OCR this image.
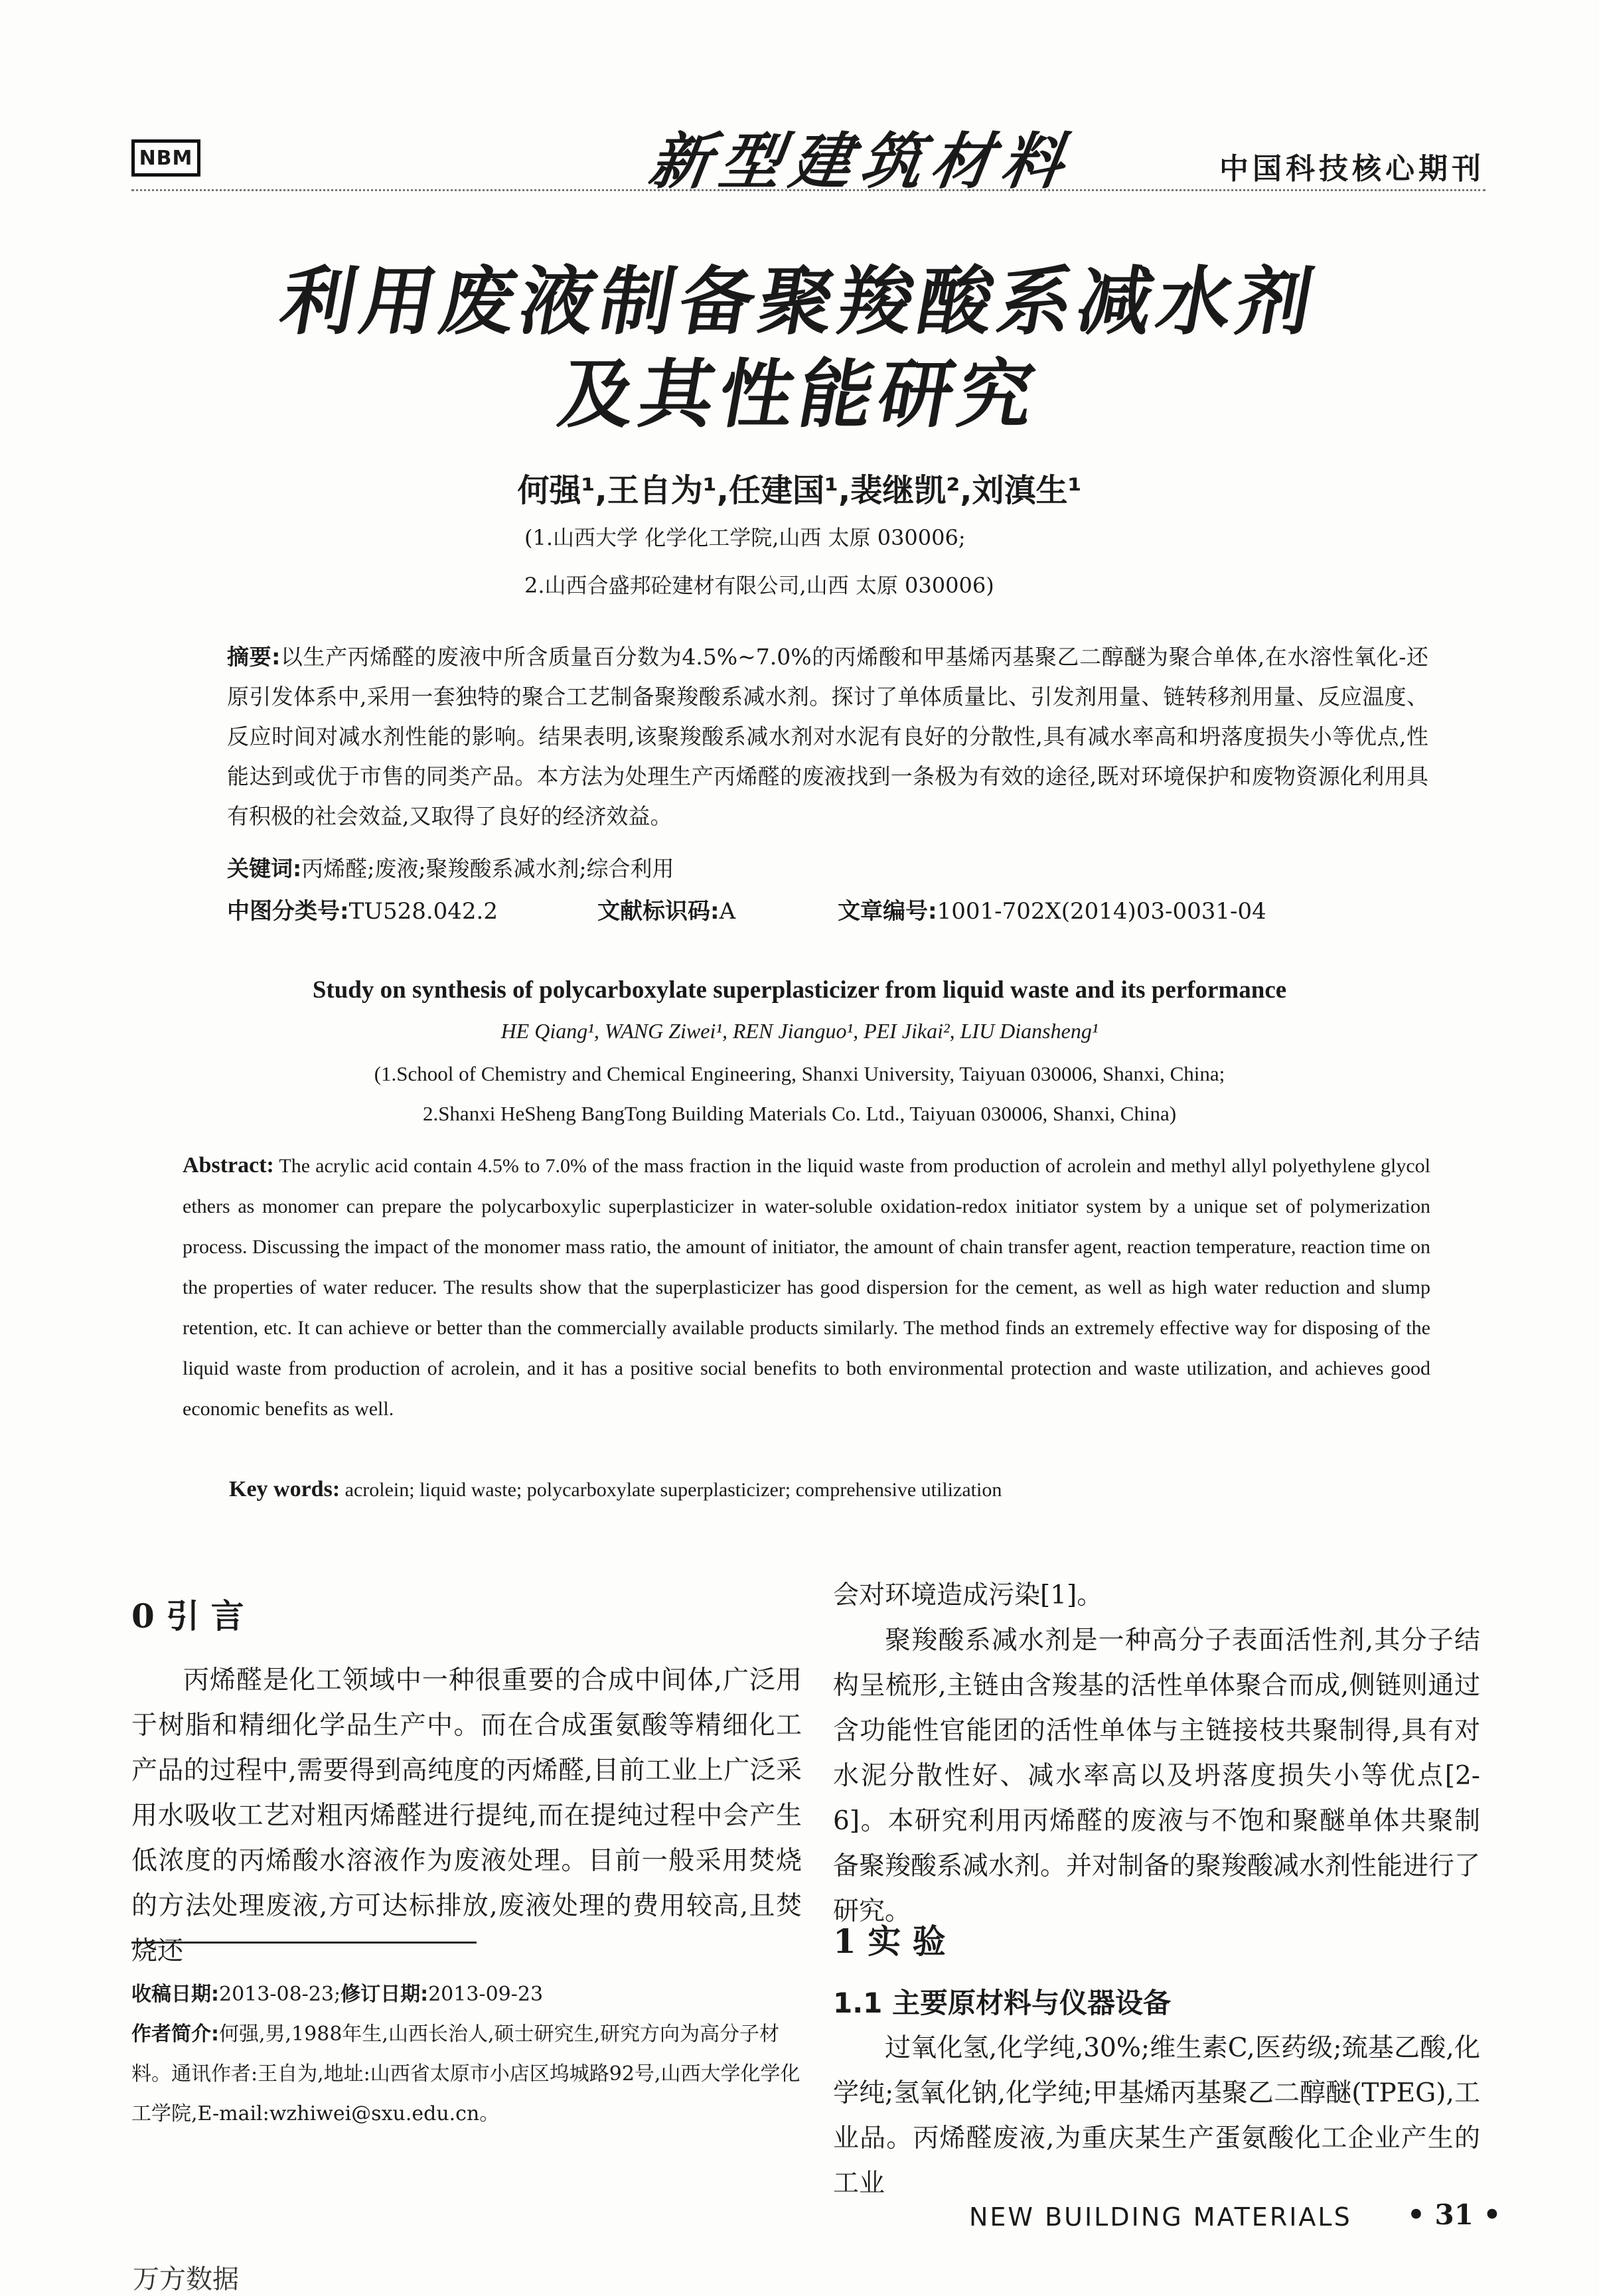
NBM	新型建筑材料	中国科技核心期刊
利用废液制备聚羧酸系减水剂
及其性能研究
何强¹,王自为¹,任建国¹,裴继凯²,刘滇生¹
(1.山西大学 化学化工学院,山西 太原 030006;
2.山西合盛邦砼建材有限公司,山西 太原 030006)
摘要:以生产丙烯醛的废液中所含质量百分数为4.5%~7.0%的丙烯酸和甲基烯丙基聚乙二醇醚为聚合单体,在水溶性氧化-还原引发体系中,采用一套独特的聚合工艺制备聚羧酸系减水剂。探讨了单体质量比、引发剂用量、链转移剂用量、反应温度、反应时间对减水剂性能的影响。结果表明,该聚羧酸系减水剂对水泥有良好的分散性,具有减水率高和坍落度损失小等优点,性能达到或优于市售的同类产品。本方法为处理生产丙烯醛的废液找到一条极为有效的途径,既对环境保护和废物资源化利用具有积极的社会效益,又取得了良好的经济效益。
关键词:丙烯醛;废液;聚羧酸系减水剂;综合利用
中图分类号:TU528.042.2	文献标识码:A	文章编号:1001-702X(2014)03-0031-04
Study on synthesis of polycarboxylate superplasticizer from liquid waste and its performance
HE Qiang¹, WANG Ziwei¹, REN Jianguo¹, PEI Jikai², LIU Diansheng¹
(1.School of Chemistry and Chemical Engineering, Shanxi University, Taiyuan 030006, Shanxi, China;
2.Shanxi HeSheng BangTong Building Materials Co. Ltd., Taiyuan 030006, Shanxi, China)
Abstract: The acrylic acid contain 4.5% to 7.0% of the mass fraction in the liquid waste from production of acrolein and methyl allyl polyethylene glycol ethers as monomer can prepare the polycarboxylic superplasticizer in water-soluble oxidation-redox initiator system by a unique set of polymerization process. Discussing the impact of the monomer mass ratio, the amount of initiator, the amount of chain transfer agent, reaction temperature, reaction time on the properties of water reducer. The results show that the superplasticizer has good dispersion for the cement, as well as high water reduction and slump retention, etc. It can achieve or better than the commercially available products similarly. The method finds an extremely effective way for disposing of the liquid waste from production of acrolein, and it has a positive social benefits to both environmental protection and waste utilization, and achieves good economic benefits as well.
Key words: acrolein; liquid waste; polycarboxylate superplasticizer; comprehensive utilization
0 引 言

丙烯醛是化工领域中一种很重要的合成中间体,广泛用于树脂和精细化学品生产中。而在合成蛋氨酸等精细化工产品的过程中,需要得到高纯度的丙烯醛,目前工业上广泛采用水吸收工艺对粗丙烯醛进行提纯,而在提纯过程中会产生低浓度的丙烯酸水溶液作为废液处理。目前一般采用焚烧的方法处理废液,方可达标排放,废液处理的费用较高,且焚烧还

会对环境造成污染[1]。

聚羧酸系减水剂是一种高分子表面活性剂,其分子结构呈梳形,主链由含羧基的活性单体聚合而成,侧链则通过含功能性官能团的活性单体与主链接枝共聚制得,具有对水泥分散性好、减水率高以及坍落度损失小等优点[2-6]。本研究利用丙烯醛的废液与不饱和聚醚单体共聚制备聚羧酸系减水剂。并对制备的聚羧酸减水剂性能进行了研究。

1 实 验
1.1 主要原材料与仪器设备

过氧化氢,化学纯,30%;维生素C,医药级;巯基乙酸,化学纯;氢氧化钠,化学纯;甲基烯丙基聚乙二醇醚(TPEG),工业品。丙烯醛废液,为重庆某生产蛋氨酸化工企业产生的工业

收稿日期:2013-08-23;修订日期:2013-09-23
作者简介:何强,男,1988年生,山西长治人,硕士研究生,研究方向为高分子材料。通讯作者:王自为,地址:山西省太原市小店区坞城路92号,山西大学化学化工学院,E-mail:wzhiwei@sxu.edu.cn。
NEW BUILDING MATERIALS • 31 •
万方数据
